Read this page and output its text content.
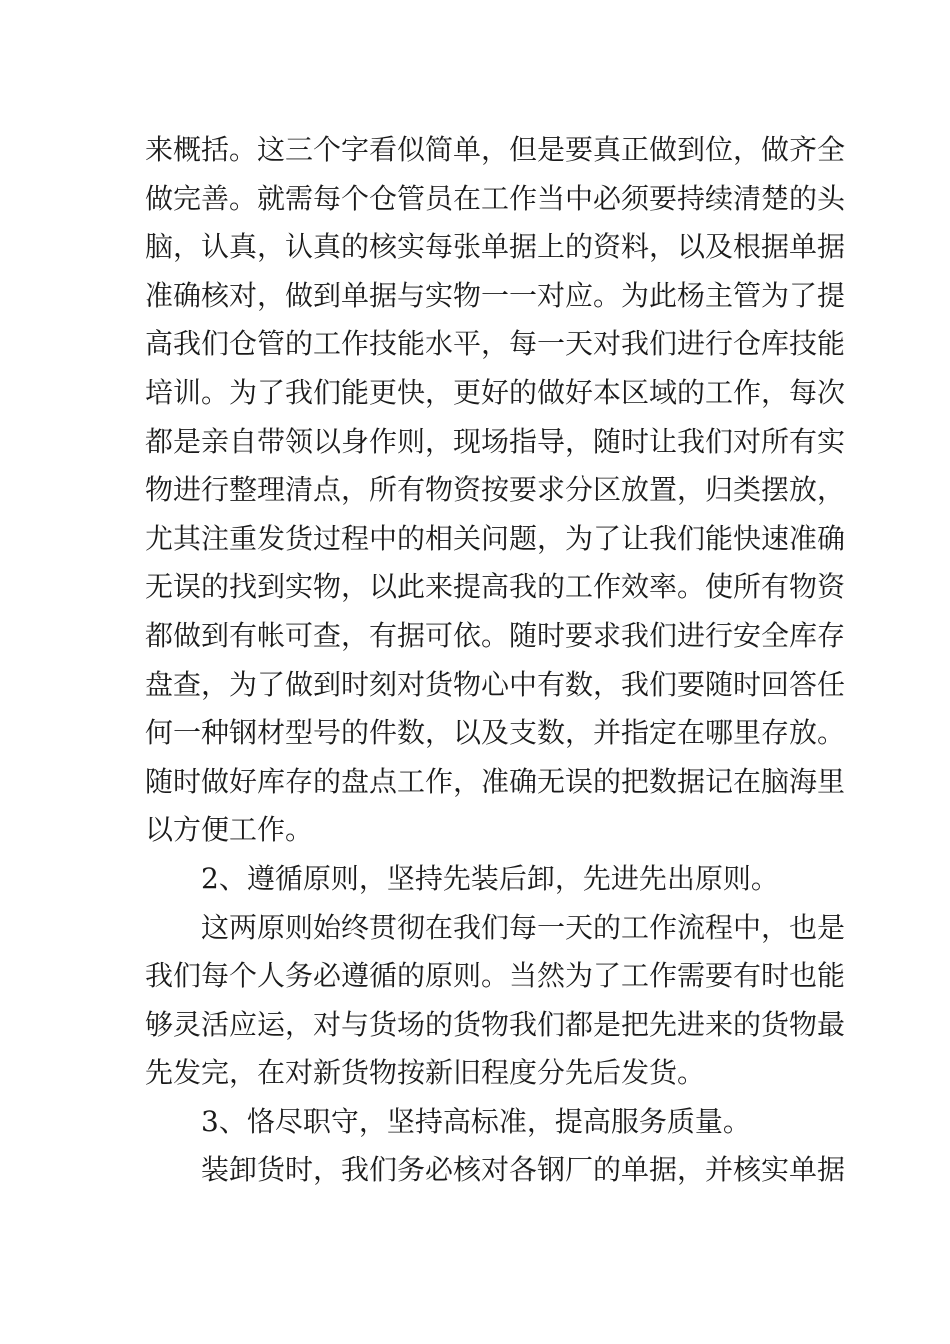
来概括。这三个字看似简单，但是要真正做到位，做齐全
做完善。就需每个仓管员在工作当中必须要持续清楚的头
脑，认真，认真的核实每张单据上的资料，以及根据单据
准确核对，做到单据与实物一一对应。为此杨主管为了提
高我们仓管的工作技能水平，每一天对我们进行仓库技能
培训。为了我们能更快，更好的做好本区域的工作，每次
都是亲自带领以身作则，现场指导，随时让我们对所有实
物进行整理清点，所有物资按要求分区放置，归类摆放，
尤其注重发货过程中的相关问题，为了让我们能快速准确
无误的找到实物，以此来提高我的工作效率。使所有物资
都做到有帐可查，有据可依。随时要求我们进行安全库存
盘查，为了做到时刻对货物心中有数，我们要随时回答任
何一种钢材型号的件数，以及支数，并指定在哪里存放。
随时做好库存的盘点工作，准确无误的把数据记在脑海里
以方便工作。
2、遵循原则，坚持先装后卸，先进先出原则。
这两原则始终贯彻在我们每一天的工作流程中，也是
我们每个人务必遵循的原则。当然为了工作需要有时也能
够灵活应运，对与货场的货物我们都是把先进来的货物最
先发完，在对新货物按新旧程度分先后发货。
3、恪尽职守，坚持高标准，提高服务质量。
装卸货时，我们务必核对各钢厂的单据，并核实单据
